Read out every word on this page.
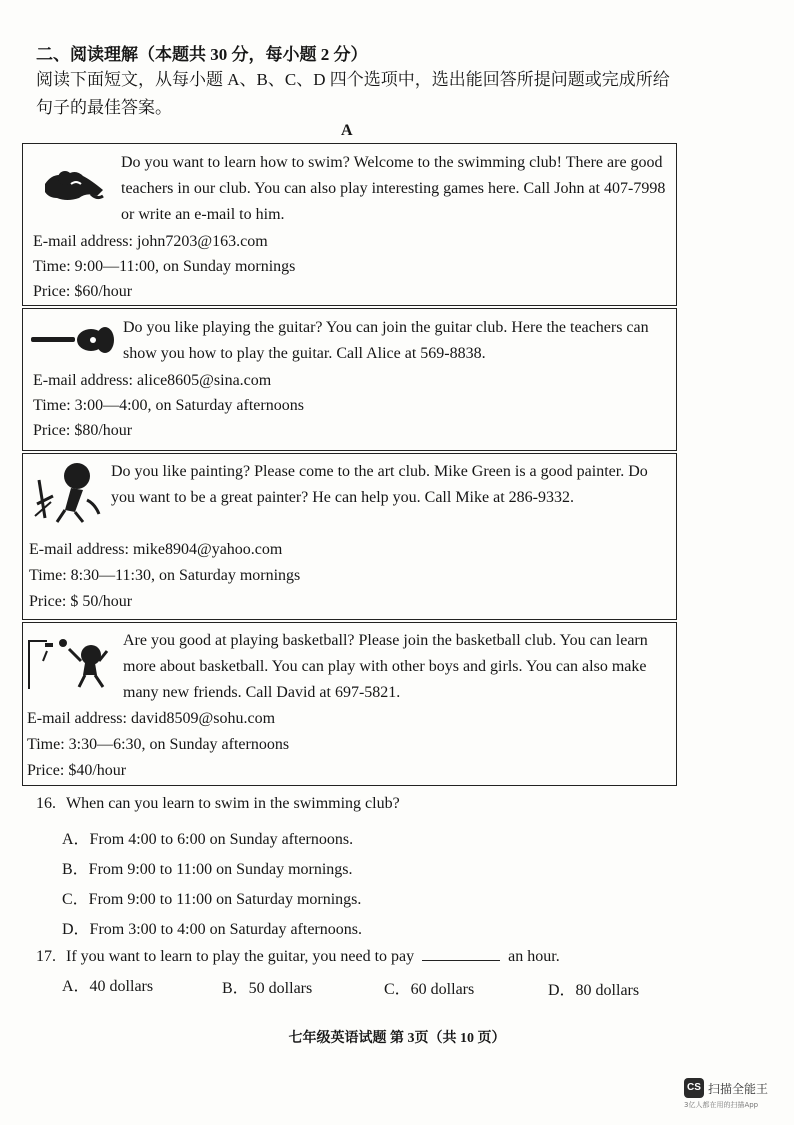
二、阅读理解（本题共 30 分，每小题 2 分）
阅读下面短文，从每小题 A、B、C、D 四个选项中，选出能回答所提问题或完成所给句子的最佳答案。
A
Do you want to learn how to swim? Welcome to the swimming club! There are good teachers in our club. You can also play interesting games here. Call John at 407-7998 or write an e-mail to him.
E-mail address: john7203@163.com
Time: 9:00—11:00, on Sunday mornings
Price: $60/hour
Do you like playing the guitar? You can join the guitar club. Here the teachers can show you how to play the guitar. Call Alice at 569-8838.
E-mail address: alice8605@sina.com
Time: 3:00—4:00, on Saturday afternoons
Price: $80/hour
Do you like painting? Please come to the art club. Mike Green is a good painter. Do you want to be a great painter? He can help you. Call Mike at 286-9332.
E-mail address: mike8904@yahoo.com
Time: 8:30—11:30, on Saturday mornings
Price: $ 50/hour
Are you good at playing basketball? Please join the basketball club. You can learn more about basketball. You can play with other boys and girls. You can also make many new friends. Call David at 697-5821.
E-mail address: david8509@sohu.com
Time: 3:30—6:30, on Sunday afternoons
Price: $40/hour
16. When can you learn to swim in the swimming club?
A．From 4:00 to 6:00 on Sunday afternoons.
B．From 9:00 to 11:00 on Sunday mornings.
C．From 9:00 to 11:00 on Saturday mornings.
D．From 3:00 to 4:00 on Saturday afternoons.
17. If you want to learn to play the guitar, you need to pay	an hour.
A．40 dollars	B．50 dollars	C．60 dollars	D．80 dollars
七年级英语试题 第 3页（共 10 页）
CS 扫描全能王
3亿人都在用的扫描App
